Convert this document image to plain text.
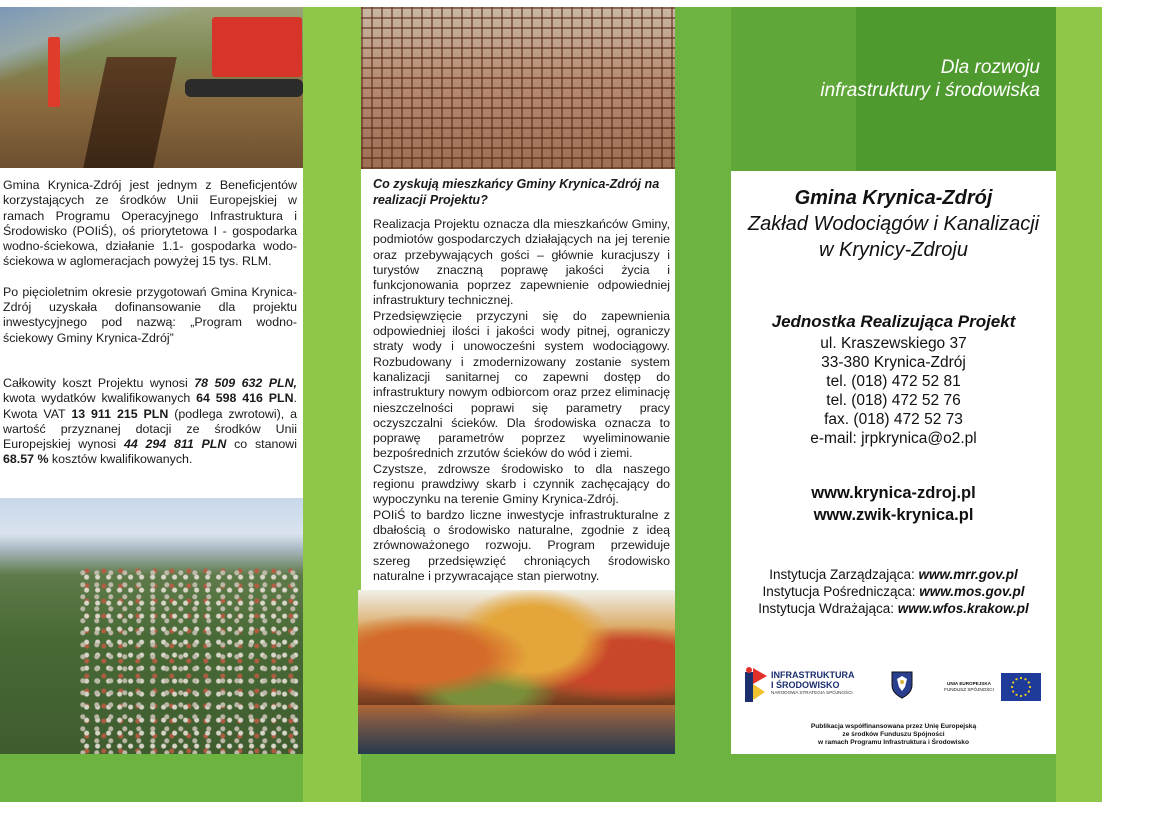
Gmina Krynica-Zdrój jest jednym z Beneficjentów korzystających ze środków Unii Europejskiej w ramach Programu Operacyjnego Infrastruktura i Środowisko (POIiŚ), oś priorytetowa I - gospodarka wodno-ściekowa, działanie 1.1- gospodarka wodo-ściekowa w aglomeracjach powyżej 15 tys. RLM.

Po pięcioletnim okresie przygotowań Gmina Krynica-Zdrój uzyskała dofinansowanie dla projektu inwestycyjnego pod nazwą: „Program wodno-ściekowy Gminy Krynica-Zdrój”

Całkowity koszt Projektu wynosi 78 509 632 PLN, kwota wydatków kwalifikowanych 64 598 416 PLN. Kwota VAT 13 911 215 PLN (podlega zwrotowi), a wartość przyznanej dotacji ze środków Unii Europejskiej wynosi 44 294 811 PLN co stanowi 68.57 % kosztów kwalifikowanych.

Co zyskują mieszkańcy Gminy Krynica-Zdrój na realizacji Projektu?

Realizacja Projektu oznacza dla mieszkańców Gminy, podmiotów gospodarczych działających na jej terenie oraz przebywających gości – głównie kuracjuszy i turystów znaczną poprawę jakości życia i funkcjonowania poprzez zapewnienie odpowiedniej infrastruktury technicznej.

Przedsięwzięcie przyczyni się do zapewnienia odpowiedniej ilości i jakości wody pitnej, ograniczy straty wody i unowocześni system wodociągowy. Rozbudowany i zmodernizowany zostanie system kanalizacji sanitarnej co zapewni dostęp do infrastruktury nowym odbiorcom oraz przez eliminację nieszczelności poprawi się parametry pracy oczyszczalni ścieków. Dla środowiska oznacza to poprawę parametrów poprzez wyeliminowanie bezpośrednich zrzutów ścieków do wód i ziemi.

Czystsze, zdrowsze środowisko to dla naszego regionu prawdziwy skarb i czynnik zachęcający do wypoczynku na terenie Gminy Krynica-Zdrój.

POIiŚ to bardzo liczne inwestycje infrastrukturalne z dbałością o środowisko naturalne, zgodnie z ideą zrównoważonego rozwoju. Program przewiduje szereg przedsięwzięć chroniących środowisko naturalne i przywracające stan pierwotny.

Dla rozwoju
infrastruktury i środowiska
Gmina Krynica-Zdrój
Zakład Wodociągów i Kanalizacji
w Krynicy-Zdroju
Jednostka Realizująca Projekt
ul. Kraszewskiego 37
33-380 Krynica-Zdrój
tel. (018) 472 52 81
tel. (018) 472 52 76
fax. (018) 472 52 73
e-mail: jrpkrynica@o2.pl
www.krynica-zdroj.pl
www.zwik-krynica.pl
Instytucja Zarządzająca: www.mrr.gov.pl
Instytucja Pośrednicząca: www.mos.gov.pl
Instytucja Wdrażająca: www.wfos.krakow.pl
INFRASTRUKTURA
I ŚRODOWISKO
NARODOWA STRATEGIA SPÓJNOŚCI
UNIA EUROPEJSKA
FUNDUSZ SPÓJNOŚCI
Publikacja współfinansowana przez Unię Europejską
ze środków Funduszu Spójności
w ramach Programu Infrastruktura i Środowisko
